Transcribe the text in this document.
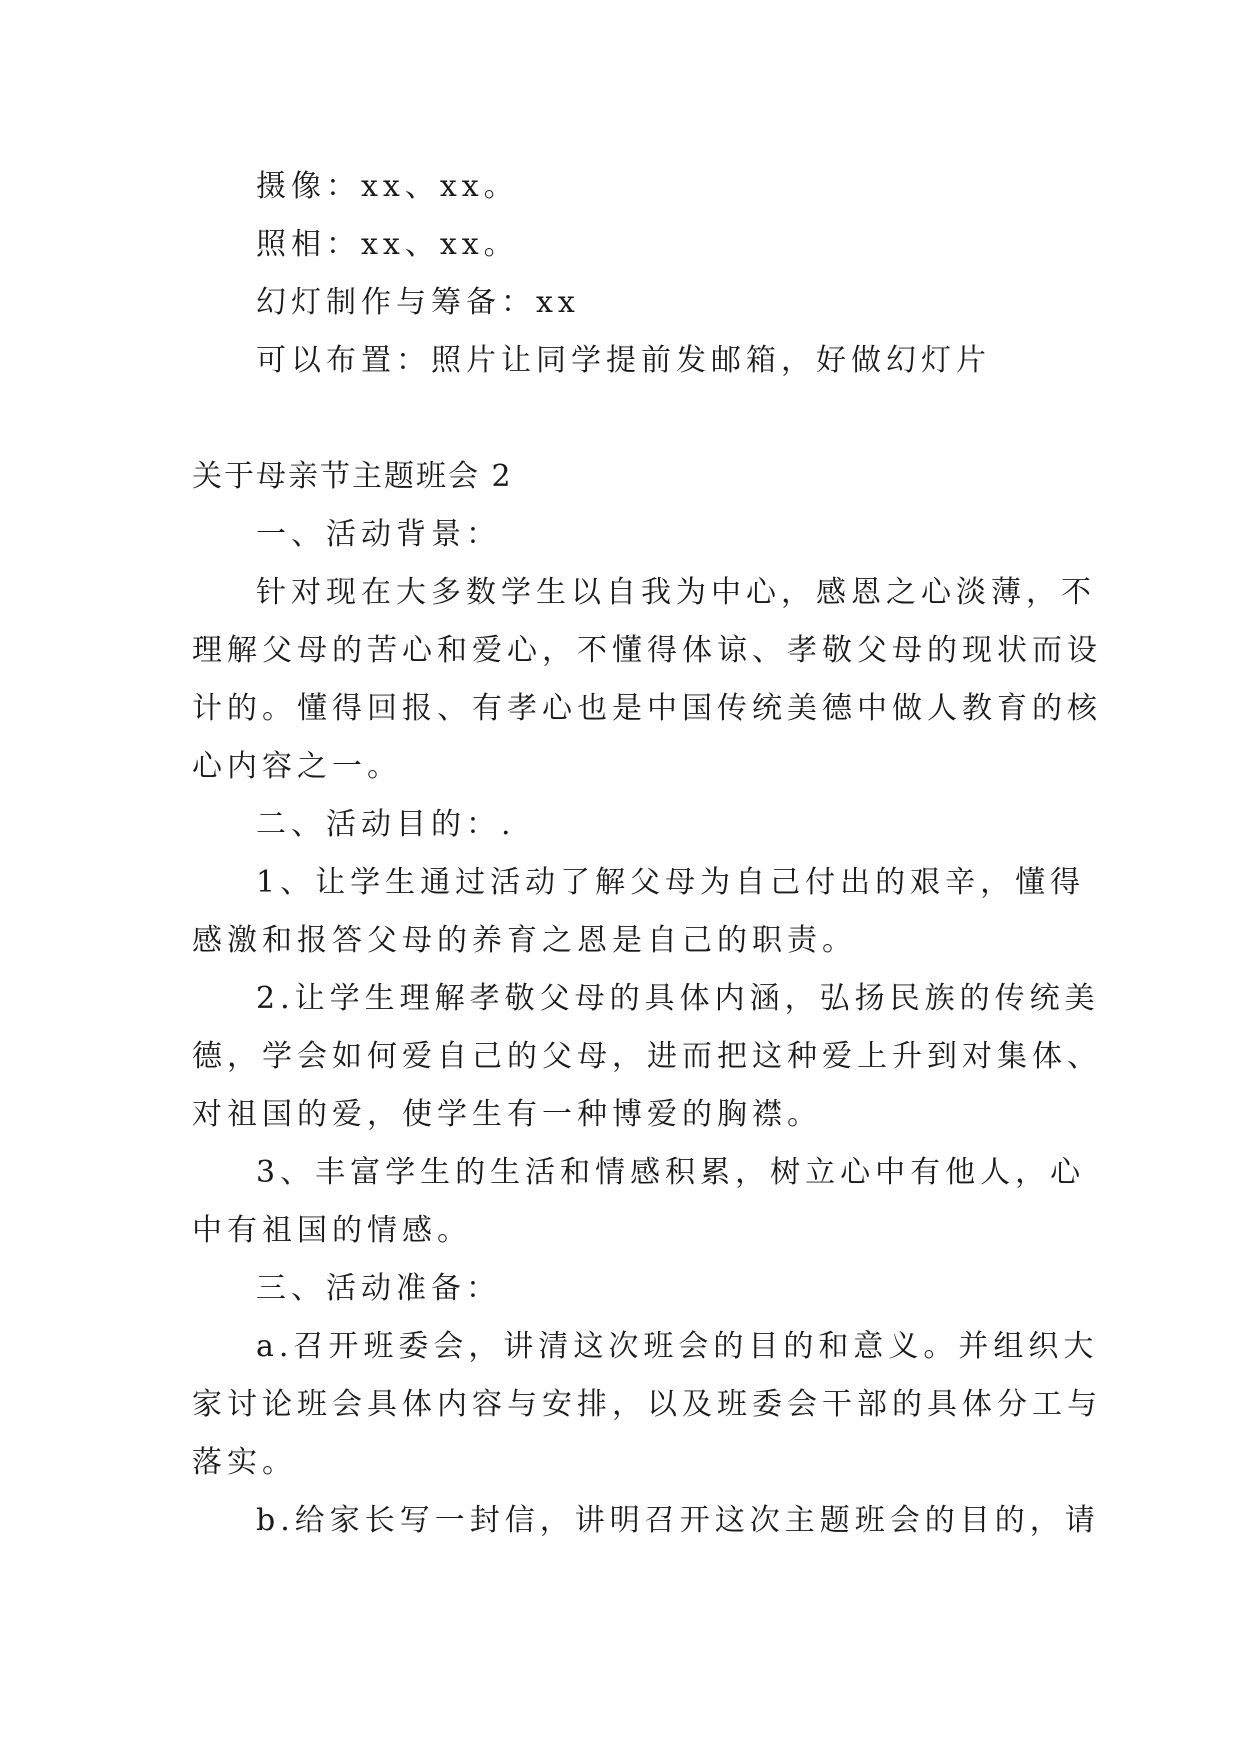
摄像：xx、xx。
照相：xx、xx。
幻灯制作与筹备：xx
可以布置：照片让同学提前发邮箱，好做幻灯片
关于母亲节主题班会 2
一、活动背景：
针对现在大多数学生以自我为中心，感恩之心淡薄，不
理解父母的苦心和爱心，不懂得体谅、孝敬父母的现状而设
计的。懂得回报、有孝心也是中国传统美德中做人教育的核
心内容之一。
二、活动目的：.
1、让学生通过活动了解父母为自己付出的艰辛，懂得
感激和报答父母的养育之恩是自己的职责。
2.让学生理解孝敬父母的具体内涵，弘扬民族的传统美
德，学会如何爱自己的父母，进而把这种爱上升到对集体、
对祖国的爱，使学生有一种博爱的胸襟。
3、丰富学生的生活和情感积累，树立心中有他人，心
中有祖国的情感。
三、活动准备：
a.召开班委会，讲清这次班会的目的和意义。并组织大
家讨论班会具体内容与安排，以及班委会干部的具体分工与
落实。
b.给家长写一封信，讲明召开这次主题班会的目的，请
